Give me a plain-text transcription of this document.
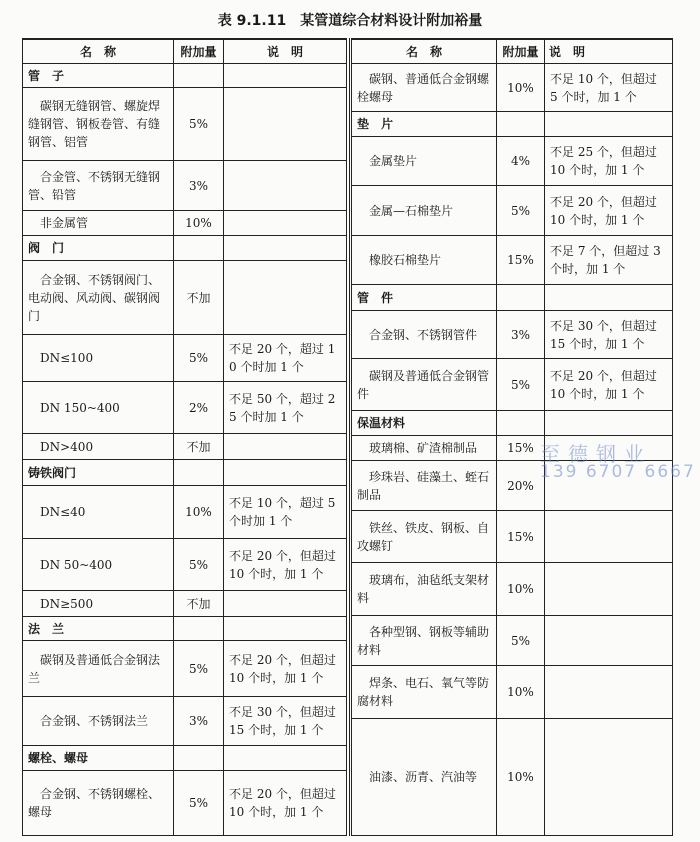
表 9.1.11　某管道综合材料设计附加裕量
名　称	附加量	说　明
管　子		
碳钢无缝钢管、螺旋焊缝钢管、钢板卷管、有缝钢管、铝管	5%	
合金管、不锈钢无缝钢管、铅管	3%	
非金属管	10%	
阀　门		
合金钢、不锈钢阀门、电动阀、风动阀、碳钢阀门	不加	
DN≤100	5%	不足 20 个，超过 10 个时加 1 个
DN 150~400	2%	不足 50 个，超过 25 个时加 1 个
DN>400	不加	
铸铁阀门		
DN≤40	10%	不足 10 个，超过 5 个时加 1 个
DN 50~400	5%	不足 20 个，但超过 10 个时，加 1 个
DN≥500	不加	
法　兰		
碳钢及普通低合金钢法兰	5%	不足 20 个，但超过 10 个时，加 1 个
合金钢、不锈钢法兰	3%	不足 30 个，但超过 15 个时，加 1 个
螺栓、螺母		
合金钢、不锈钢螺栓、螺母	5%	不足 20 个，但超过 10 个时，加 1 个
名　称	附加量	说　明
碳钢、普通低合金钢螺栓螺母	10%	不足 10 个，但超过 5 个时，加 1 个
垫　片		
金属垫片	4%	不足 25 个，但超过 10 个时，加 1 个
金属—石棉垫片	5%	不足 20 个，但超过 10 个时，加 1 个
橡胶石棉垫片	15%	不足 7 个，但超过 3 个时，加 1 个
管　件		
合金钢、不锈钢管件	3%	不足 30 个，但超过 15 个时，加 1 个
碳钢及普通低合金钢管件	5%	不足 20 个，但超过 10 个时，加 1 个
保温材料		
玻璃棉、矿渣棉制品	15%	
珍珠岩、硅藻土、蛭石制品	20%	
铁丝、铁皮、钢板、自攻螺钉	15%	
玻璃布，油毡纸支架材料	10%	
各种型钢、钢板等辅助材料	5%	
焊条、电石、氧气等防腐材料	10%	
油漆、沥青、汽油等	10%	
至德钢业
139 6707 6667
